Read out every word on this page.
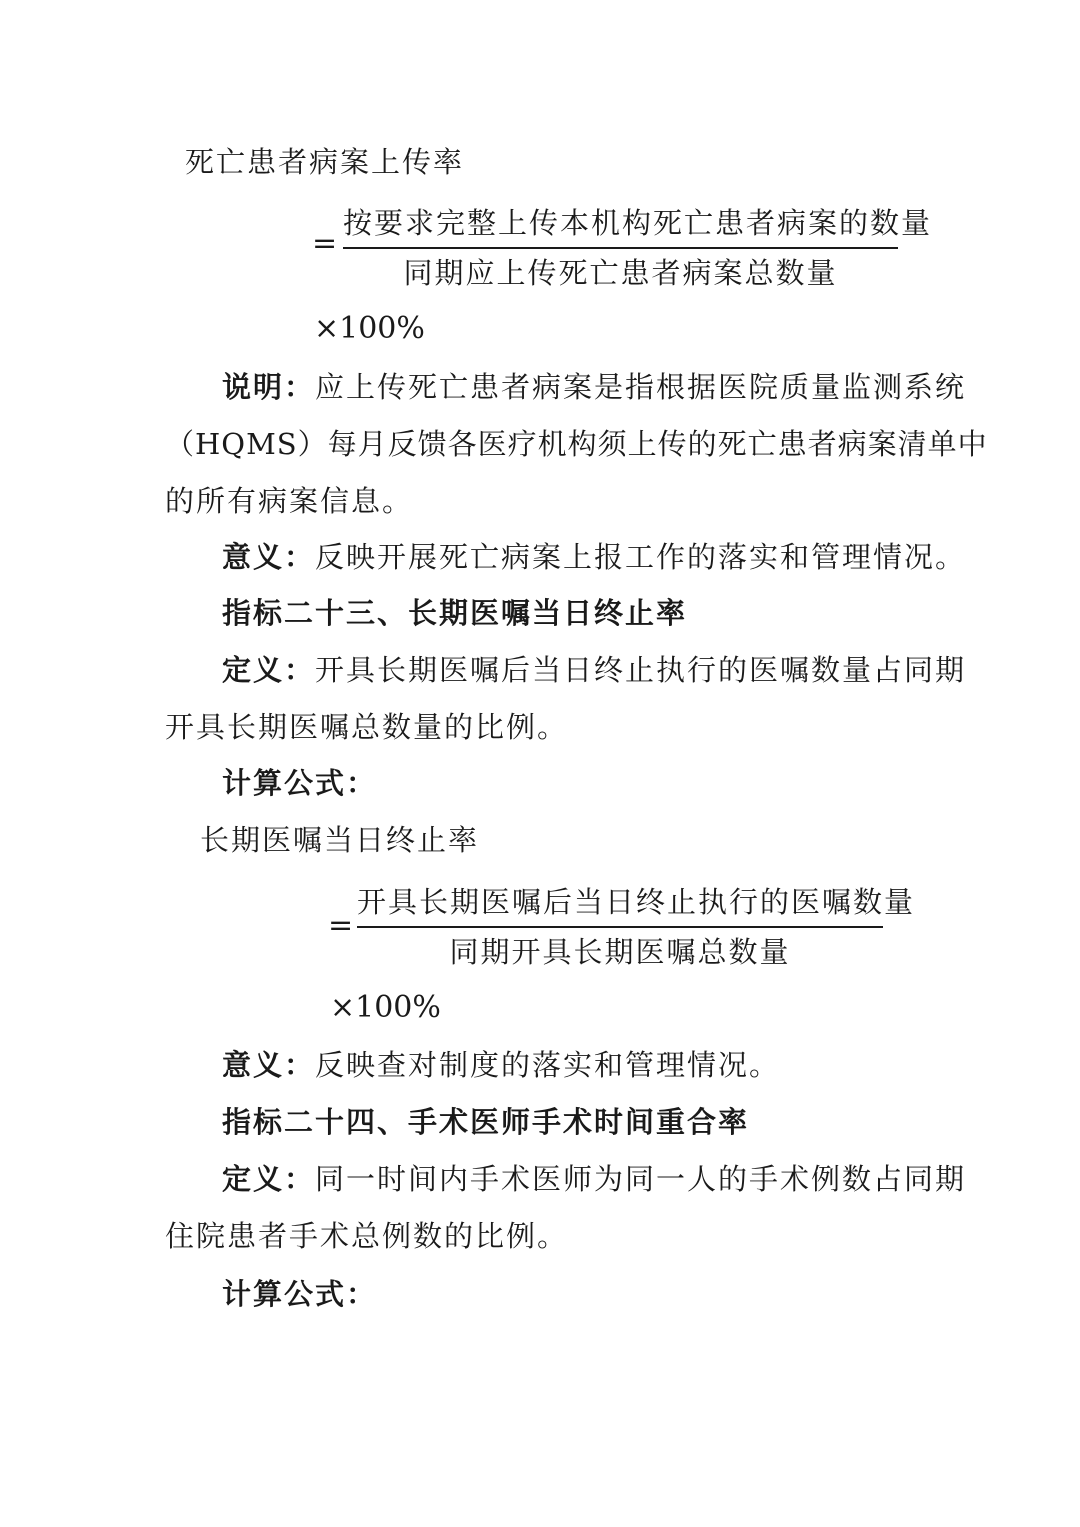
死亡患者病案上传率
=
按要求完整上传本机构死亡患者病案的数量
同期应上传死亡患者病案总数量
×100%
说明：应上传死亡患者病案是指根据医院质量监测系统
（HQMS）每月反馈各医疗机构须上传的死亡患者病案清单中
的所有病案信息。
意义：反映开展死亡病案上报工作的落实和管理情况。
指标二十三、长期医嘱当日终止率
定义：开具长期医嘱后当日终止执行的医嘱数量占同期
开具长期医嘱总数量的比例。
计算公式：
长期医嘱当日终止率
=
开具长期医嘱后当日终止执行的医嘱数量
同期开具长期医嘱总数量
×100%
意义：反映查对制度的落实和管理情况。
指标二十四、手术医师手术时间重合率
定义：同一时间内手术医师为同一人的手术例数占同期
住院患者手术总例数的比例。
计算公式：
